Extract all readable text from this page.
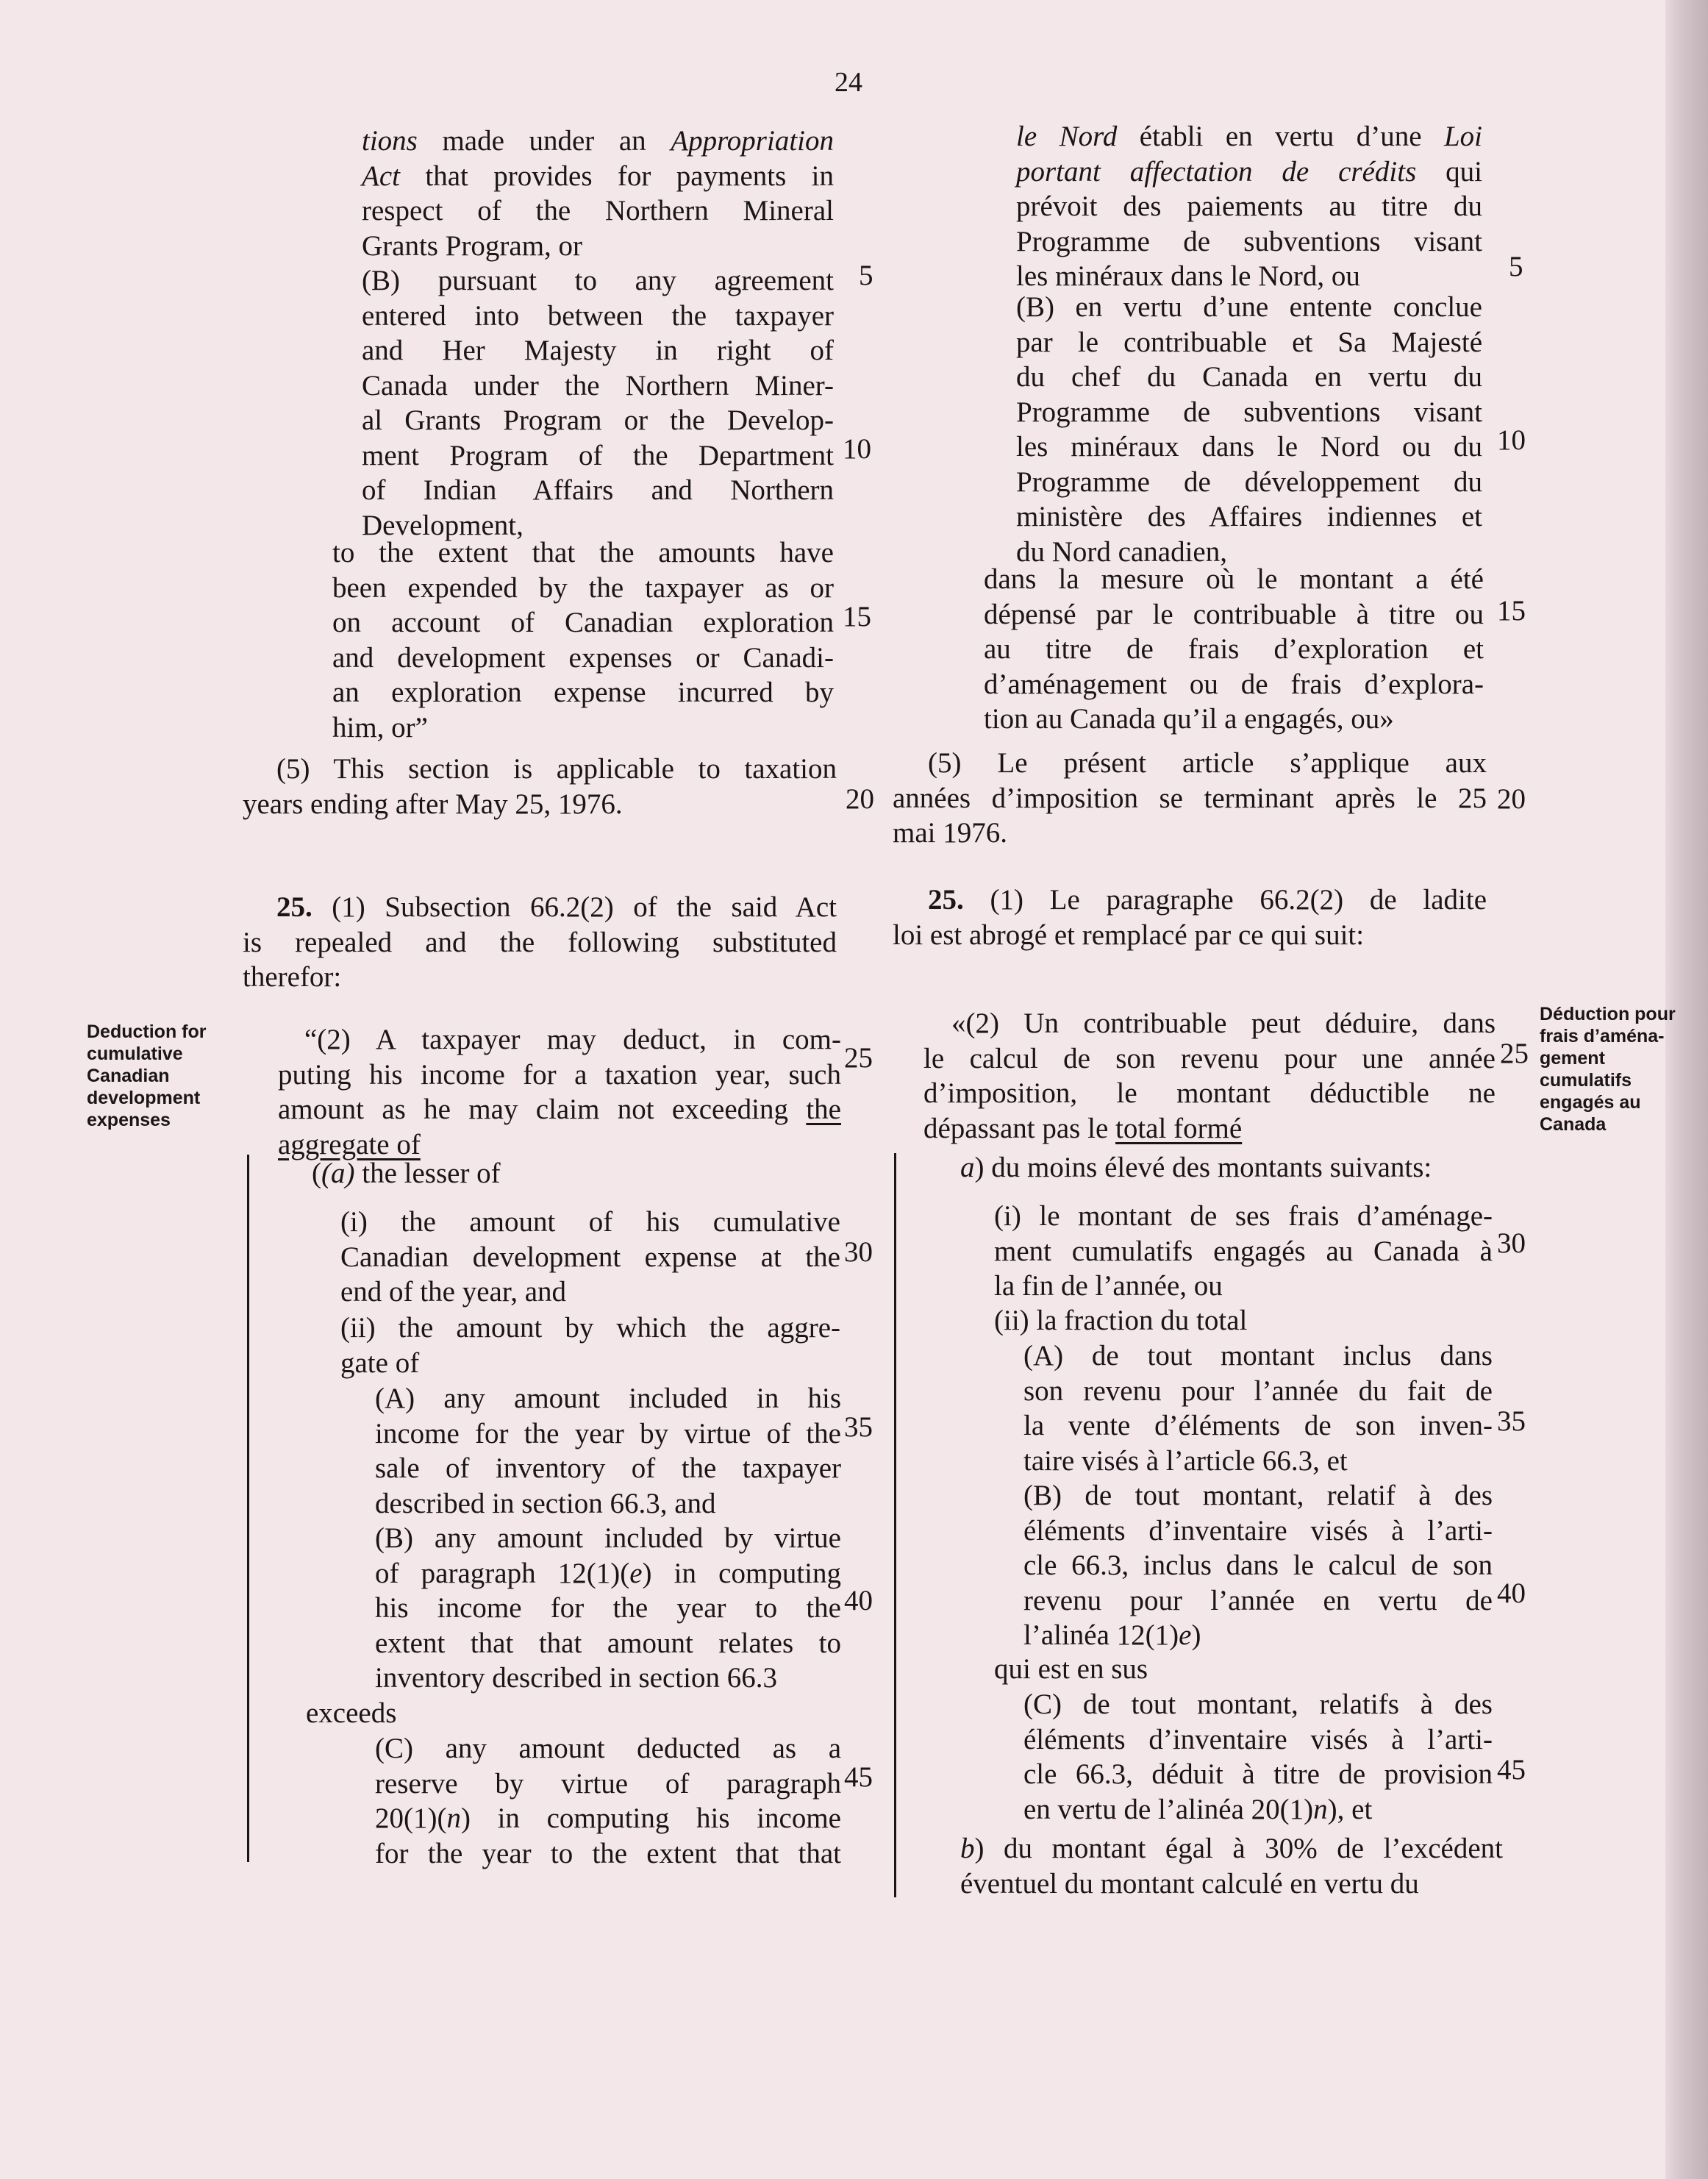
24
tions made under an Appropriation
Act that provides for payments in
respect of the Northern Mineral
Grants Program, or
(B) pursuant to any agreement
entered into between the taxpayer
and Her Majesty in right of
Canada under the Northern Miner-
al Grants Program or the Develop-
ment Program of the Department
of Indian Affairs and Northern
Development,
to the extent that the amounts have
been expended by the taxpayer as or
on account of Canadian exploration
and development expenses or Canadi-
an exploration expense incurred by
him, or”
(5) This section is applicable to taxation
years ending after May 25, 1976.
25. (1) Subsection 66.2(2) of the said Act
is repealed and the following substituted
therefor:
“(2) A taxpayer may deduct, in com-
puting his income for a taxation year, such
amount as he may claim not exceeding the
aggregate of
((a) the lesser of
(i) the amount of his cumulative
Canadian development expense at the
end of the year, and
(ii) the amount by which the aggre-
gate of
(A) any amount included in his
income for the year by virtue of the
sale of inventory of the taxpayer
described in section 66.3, and
(B) any amount included by virtue
of paragraph 12(1)(e) in computing
his income for the year to the
extent that that amount relates to
inventory described in section 66.3
exceeds
(C) any amount deducted as a
reserve by virtue of paragraph
20(1)(n) in computing his income
for the year to the extent that that
Deduction for
cumulative
Canadian
development
expenses
5
10
15
20
25
30
35
40
45
le Nord établi en vertu d’une Loi
portant affectation de crédits qui
prévoit des paiements au titre du
Programme de subventions visant
les minéraux dans le Nord, ou
(B) en vertu d’une entente conclue
par le contribuable et Sa Majesté
du chef du Canada en vertu du
Programme de subventions visant
les minéraux dans le Nord ou du
Programme de développement du
ministère des Affaires indiennes et
du Nord canadien,
dans la mesure où le montant a été
dépensé par le contribuable à titre ou
au titre de frais d’exploration et
d’aménagement ou de frais d’explora-
tion au Canada qu’il a engagés, ou»
(5) Le présent article s’applique aux
années d’imposition se terminant après le 25
mai 1976.
25. (1) Le paragraphe 66.2(2) de ladite
loi est abrogé et remplacé par ce qui suit:
«(2) Un contribuable peut déduire, dans
le calcul de son revenu pour une année
d’imposition, le montant déductible ne
dépassant pas le total formé
a) du moins élevé des montants suivants:
(i) le montant de ses frais d’aménage-
ment cumulatifs engagés au Canada à
la fin de l’année, ou
(ii) la fraction du total
(A) de tout montant inclus dans
son revenu pour l’année du fait de
la vente d’éléments de son inven-
taire visés à l’article 66.3, et
(B) de tout montant, relatif à des
éléments d’inventaire visés à l’arti-
cle 66.3, inclus dans le calcul de son
revenu pour l’année en vertu de
l’alinéa 12(1)e)
qui est en sus
(C) de tout montant, relatifs à des
éléments d’inventaire visés à l’arti-
cle 66.3, déduit à titre de provision
en vertu de l’alinéa 20(1)n), et
b) du montant égal à 30% de l’excédent
éventuel du montant calculé en vertu du
Déduction pour
frais d’aména-
gement
cumulatifs
engagés au
Canada
5
10
15
20
25
30
35
40
45
